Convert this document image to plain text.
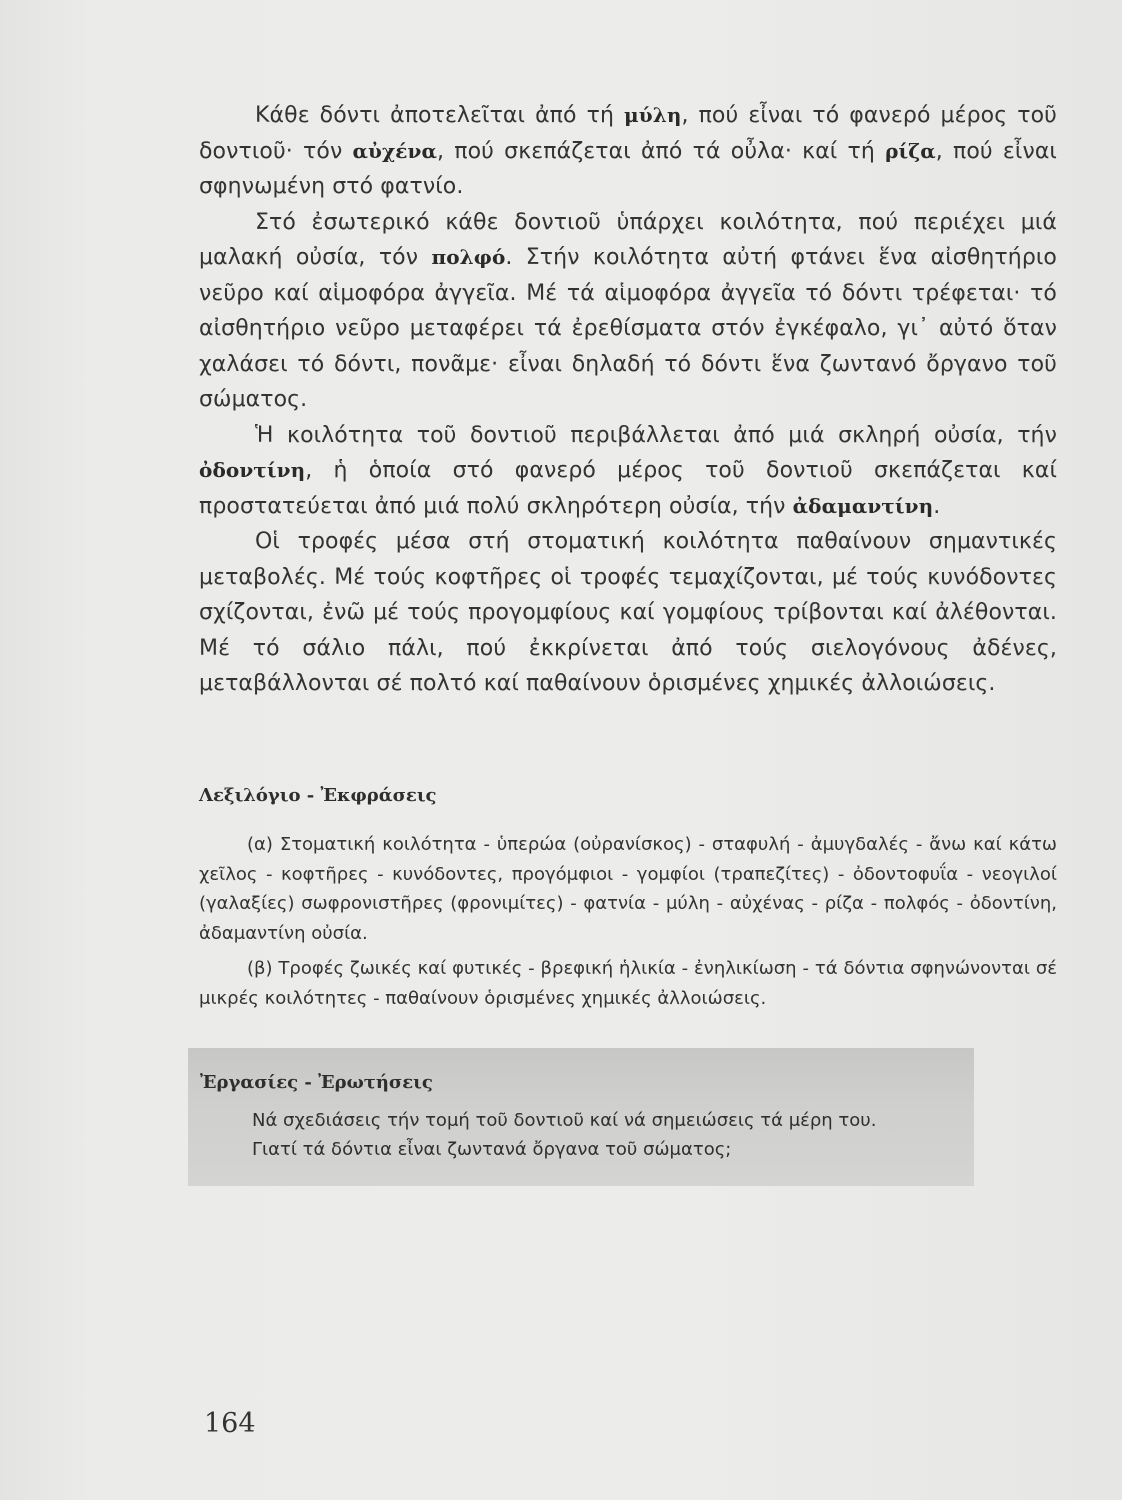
Κάθε δόντι ἀποτελεῖται ἀπό τή μύλη, πού εἶναι τό φανερό μέρος τοῦ δοντιοῦ· τόν αὐχένα, πού σκεπάζεται ἀπό τά οὖλα· καί τή ρίζα, πού εἶναι σφηνωμένη στό φατνίο.

Στό ἐσωτερικό κάθε δοντιοῦ ὑπάρχει κοιλότητα, πού περιέχει μιά μαλακή οὐσία, τόν πολφό. Στήν κοιλότητα αὐτή φτάνει ἕνα αἰσθητήριο νεῦρο καί αἱμοφόρα ἀγγεῖα. Μέ τά αἱμοφόρα ἀγγεῖα τό δόντι τρέφεται· τό αἰσθητήριο νεῦρο μεταφέρει τά ἐρεθίσματα στόν ἐγκέφαλο, γι᾿ αὐτό ὅταν χαλάσει τό δόντι, πονᾶμε· εἶναι δηλαδή τό δόντι ἕνα ζωντανό ὄργανο τοῦ σώματος.

Ἡ κοιλότητα τοῦ δοντιοῦ περιβάλλεται ἀπό μιά σκληρή οὐσία, τήν ὀδοντίνη, ἡ ὁποία στό φανερό μέρος τοῦ δοντιοῦ σκεπάζεται καί προστατεύεται ἀπό μιά πολύ σκληρότερη οὐσία, τήν ἀδαμαντίνη.

Οἱ τροφές μέσα στή στοματική κοιλότητα παθαίνουν σημαντικές μεταβολές. Μέ τούς κοφτῆρες οἱ τροφές τεμαχίζονται, μέ τούς κυνόδοντες σχίζονται, ἐνῶ μέ τούς προγομφίους καί γομφίους τρίβονται καί ἀλέθονται. Μέ τό σάλιο πάλι, πού ἐκκρίνεται ἀπό τούς σιελογόνους ἀδένες, μεταβάλλονται σέ πολτό καί παθαίνουν ὁρισμένες χημικές ἀλλοιώσεις.

Λεξιλόγιο - Ἐκφράσεις

(α) Στοματική κοιλότητα - ὑπερώα (οὐρανίσκος) - σταφυλή - ἀμυγδαλές - ἄνω καί κάτω χεῖλος - κοφτῆρες - κυνόδοντες, προγόμφιοι - γομφίοι (τραπεζίτες) - ὀδοντοφυΐα - νεογιλοί (γαλαξίες) σωφρονιστῆρες (φρονιμίτες) - φατνία - μύλη - αὐχένας - ρίζα - πολφός - ὀδοντίνη, ἀδαμαντίνη οὐσία.

(β) Τροφές ζωικές καί φυτικές - βρεφική ἡλικία - ἐνηλικίωση - τά δόντια σφηνώνονται σέ μικρές κοιλότητες - παθαίνουν ὁρισμένες χημικές ἀλλοιώσεις.

Ἐργασίες - Ἐρωτήσεις
Νά σχεδιάσεις τήν τομή τοῦ δοντιοῦ καί νά σημειώσεις τά μέρη του.
Γιατί τά δόντια εἶναι ζωντανά ὄργανα τοῦ σώματος;
164
